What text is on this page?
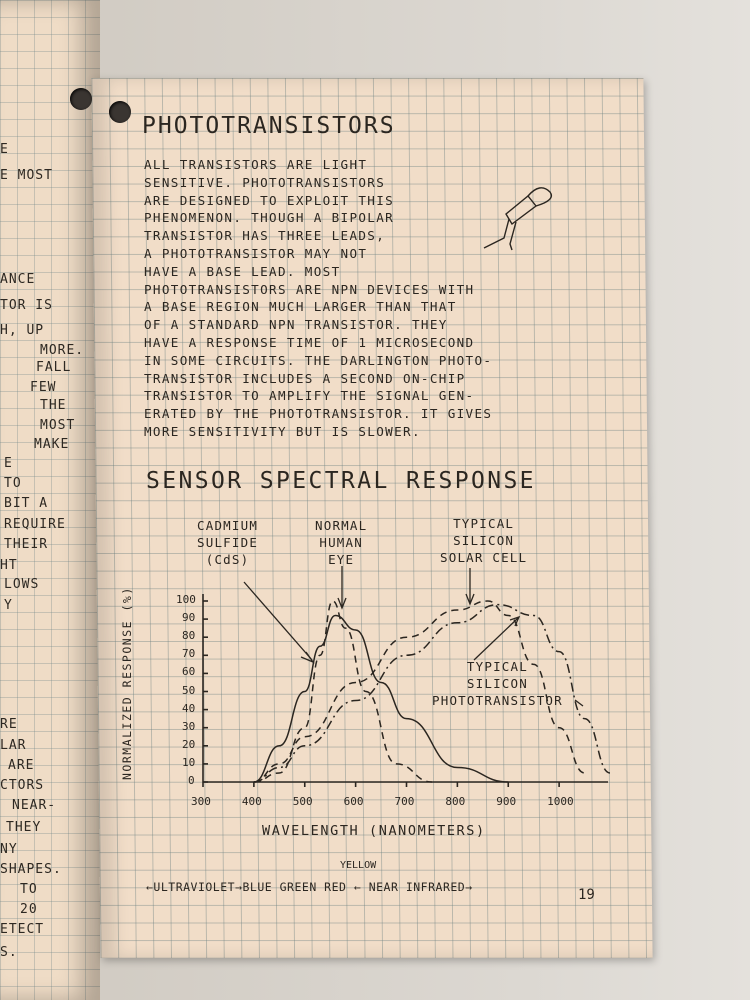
E
E MOST
ANCE
TOR IS
H, UP
MORE.
FALL
FEW
THE
MOST
MAKE
E
TO
BIT A
REQUIRE
THEIR
HT
LOWS
Y
RE
LAR
ARE
CTORS
NEAR-
THEY
NY
SHAPES.
TO
20
ETECT
S.
PHOTOTRANSISTORS
ALL TRANSISTORS ARE LIGHT
SENSITIVE. PHOTOTRANSISTORS
ARE DESIGNED TO EXPLOIT THIS
PHENOMENON. THOUGH A BIPOLAR
TRANSISTOR HAS THREE LEADS,
A PHOTOTRANSISTOR MAY NOT
HAVE A BASE LEAD. MOST
PHOTOTRANSISTORS ARE NPN DEVICES WITH
A BASE REGION MUCH LARGER THAN THAT
OF A STANDARD NPN TRANSISTOR. THEY
HAVE A RESPONSE TIME OF 1 MICROSECOND
IN SOME CIRCUITS. THE DARLINGTON PHOTO-
TRANSISTOR INCLUDES A SECOND ON-CHIP
TRANSISTOR TO AMPLIFY THE SIGNAL GEN-
ERATED BY THE PHOTOTRANSISTOR. IT GIVES
MORE SENSITIVITY BUT IS SLOWER.
SENSOR SPECTRAL RESPONSE
NORMALIZED RESPONSE (%)	100
90
80
70
60
50
40
30
20
10
0
300	400	500	600	700	800	900	1000
CADMIUM
SULFIDE
(CdS)
NORMAL
HUMAN
EYE
TYPICAL
SILICON
SOLAR CELL
TYPICAL
SILICON
PHOTOTRANSISTOR
WAVELENGTH (NANOMETERS)
YELLOW
←ULTRAVIOLET→BLUE GREEN RED ← NEAR INFRARED→	19
